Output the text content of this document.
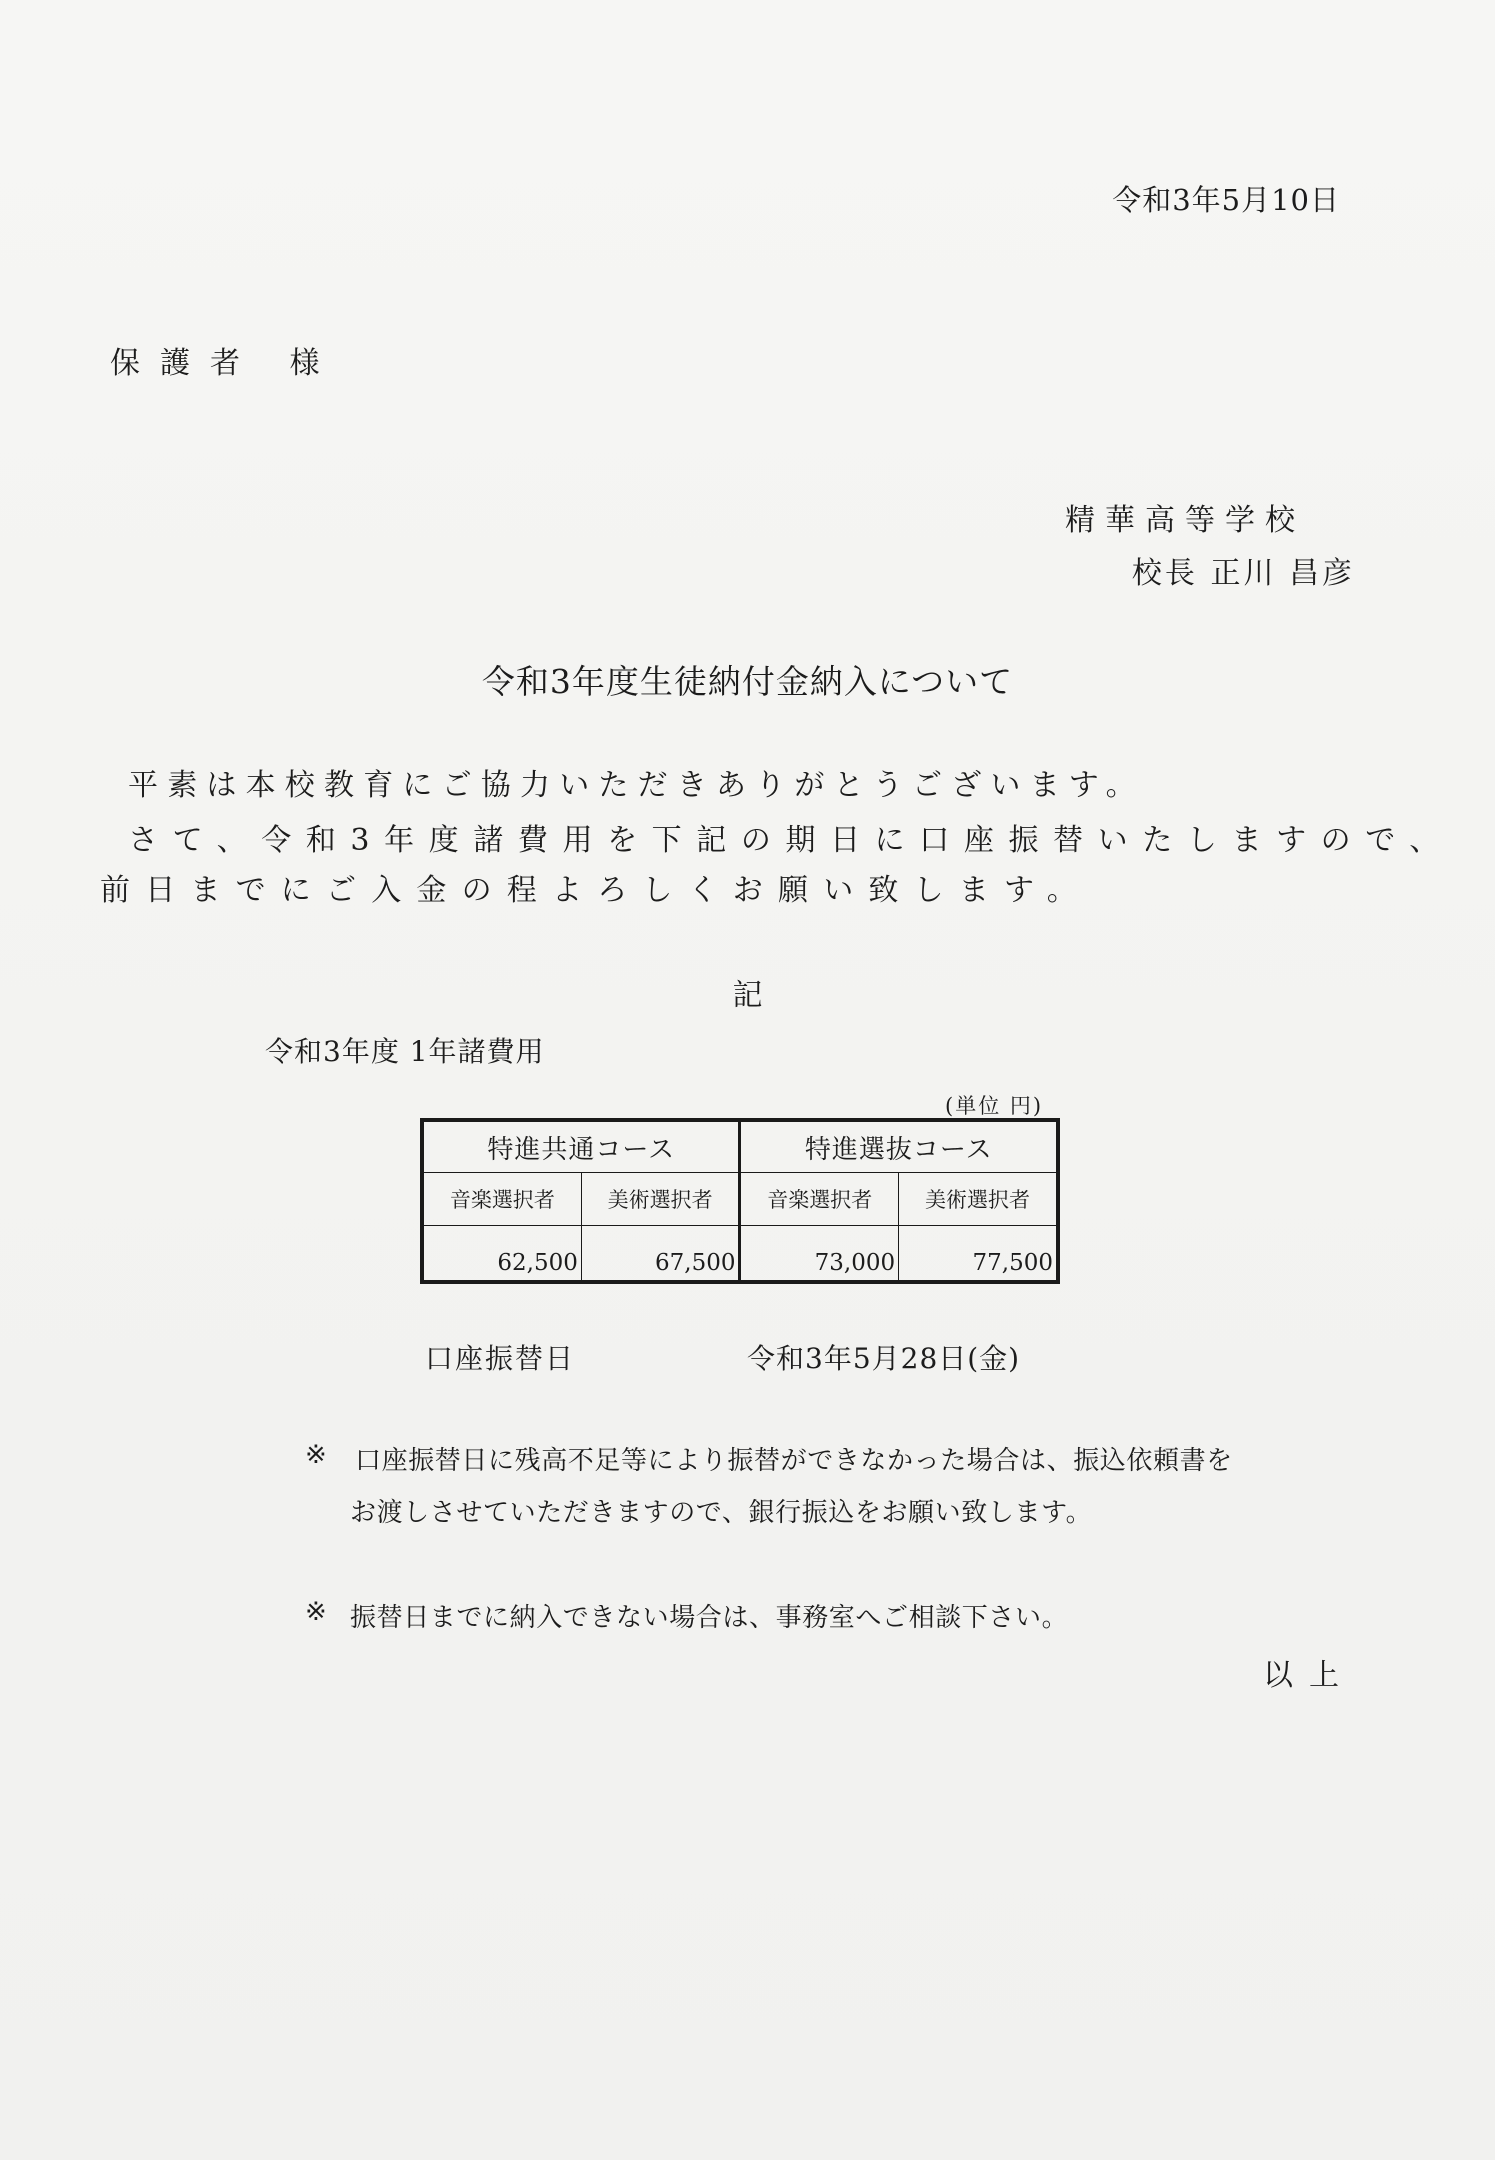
令和3年5月10日
保護者 様
精華高等学校
校長 正川 昌彦
令和3年度生徒納付金納入について
平素は本校教育にご協力いただきありがとうございます。
さて、令和3年度諸費用を下記の期日に口座振替いたしますので、
前日までにご入金の程よろしくお願い致します。
記
令和3年度 1年諸費用
(単位 円)
特進共通コース		特進選抜コース	
音楽選択者	美術選択者	音楽選択者	美術選択者
62,500	67,500	73,000	77,500
口座振替日	令和3年5月28日(金)
※ 口座振替日に残高不足等により振替ができなかった場合は、振込依頼書を
お渡しさせていただきますので、銀行振込をお願い致します。
※ 振替日までに納入できない場合は、事務室へご相談下さい。
以上
